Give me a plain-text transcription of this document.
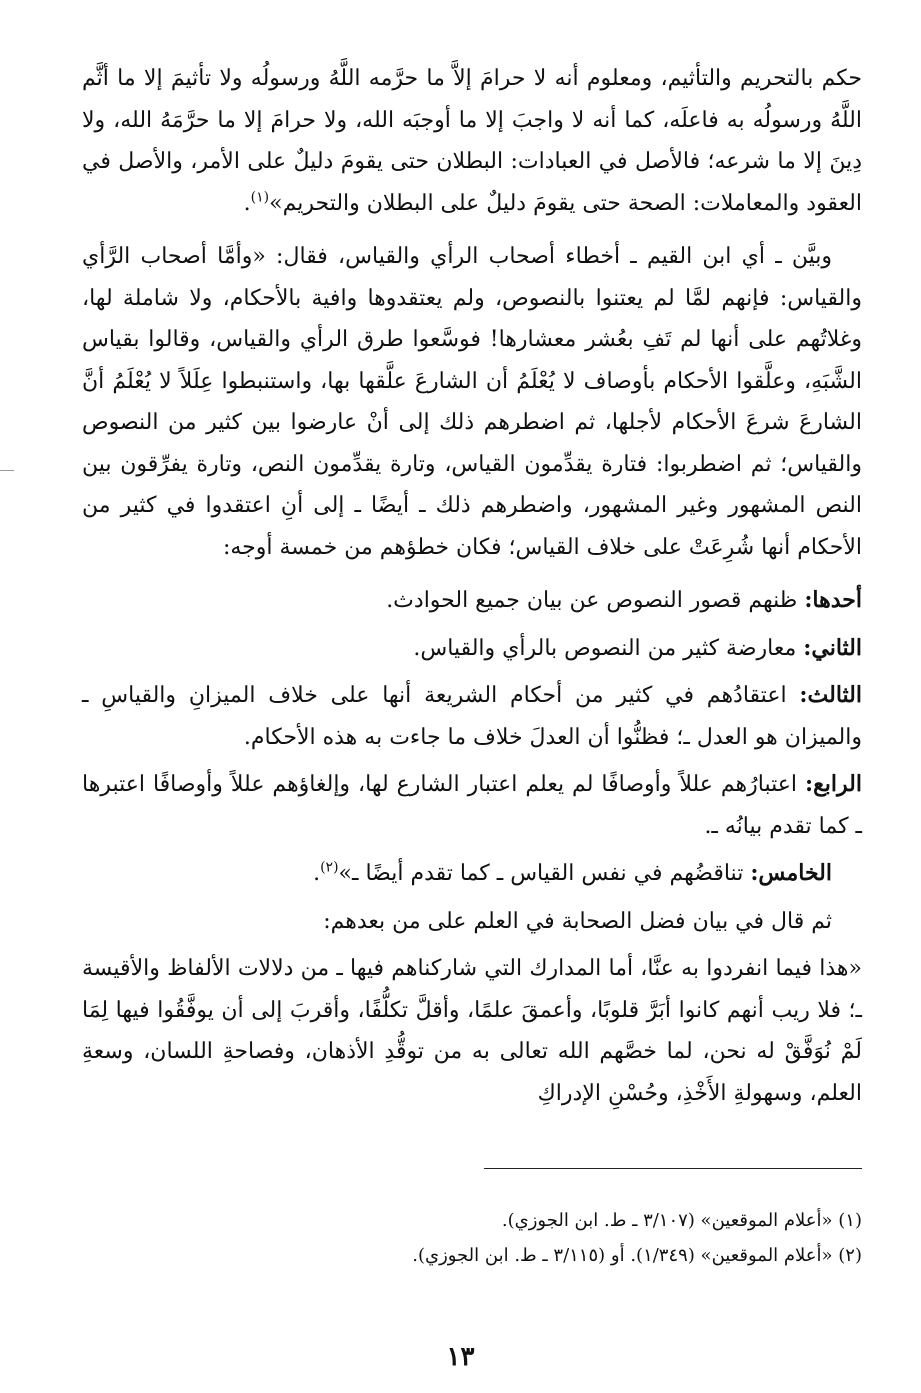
حكم بالتحريم والتأثيم، ومعلوم أنه لا حرامَ إلاَّ ما حرَّمه اللَّهُ ورسولُه ولا تأثيمَ إلا ما أثَّم اللَّهُ ورسولُه به فاعلَه، كما أنه لا واجبَ إلا ما أوجبَه الله، ولا حرامَ إلا ما حرَّمَهُ الله، ولا دِينَ إلا ما شرعه؛ فالأصل في العبادات: البطلان حتى يقومَ دليلٌ على الأمر، والأصل في العقود والمعاملات: الصحة حتى يقومَ دليلٌ على البطلان والتحريم»$^{(١)}$.

وبيَّن ـ أي ابن القيم ـ أخطاء أصحاب الرأي والقياس، فقال: «وأمَّا أصحاب الرَّأي والقياس: فإنهم لمَّا لم يعتنوا بالنصوص، ولم يعتقدوها وافية بالأحكام، ولا شاملة لها، وغلاتُهم على أنها لم تَفِ بعُشر معشارها! فوسَّعوا طرق الرأي والقياس، وقالوا بقياس الشَّبَهِ، وعلَّقوا الأحكام بأوصاف لا يُعْلَمُ أن الشارعَ علَّقها بها، واستنبطوا عِلَلاً لا يُعْلَمُ أنَّ الشارعَ شرعَ الأحكام لأجلها، ثم اضطرهم ذلك إلى أنْ عارضوا بين كثير من النصوص والقياس؛ ثم اضطربوا: فتارة يقدِّمون القياس، وتارة يقدِّمون النص، وتارة يفرِّقون بين النص المشهور وغير المشهور، واضطرهم ذلك ـ أيضًا ـ إلى أنِ اعتقدوا في كثير من الأحكام أنها شُرِعَتْ على خلاف القياس؛ فكان خطؤهم من خمسة أوجه:

أحدها: ظنهم قصور النصوص عن بيان جميع الحوادث.

الثاني: معارضة كثير من النصوص بالرأي والقياس.

الثالث: اعتقادُهم في كثير من أحكام الشريعة أنها على خلاف الميزانِ والقياسِ ـ والميزان هو العدل ـ؛ فظنُّوا أن العدلَ خلاف ما جاءت به هذه الأحكام.

الرابع: اعتبارُهم عللاً وأوصافًا لم يعلم اعتبار الشارع لها، وإلغاؤهم عللاً وأوصافًا اعتبرها ـ كما تقدم بيانُه ـ.

الخامس: تناقضُهم في نفس القياس ـ كما تقدم أيضًا ـ»$^{(٢)}$.

ثم قال في بيان فضل الصحابة في العلم على من بعدهم:

«هذا فيما انفردوا به عنَّا، أما المدارك التي شاركناهم فيها ـ من دلالات الألفاظ والأقيسة ـ؛ فلا ريب أنهم كانوا أبَرَّ قلوبًا، وأعمقَ علمًا، وأقلَّ تكلُّفًا، وأقربَ إلى أن يوفَّقُوا فيها لِمَا لَمْ نُوَفَّقْ له نحن، لما خصَّهم الله تعالى به من توقُّدِ الأذهان، وفصاحةِ اللسان، وسعةِ العلم، وسهولةِ الأَخْذِ، وحُسْنِ الإدراكِ

(١) «أعلام الموقعين» (٣/١٠٧ ـ ط. ابن الجوزي).

(٢) «أعلام الموقعين» (١/٣٤٩). أو (٣/١١٥ ـ ط. ابن الجوزي).

١٣
